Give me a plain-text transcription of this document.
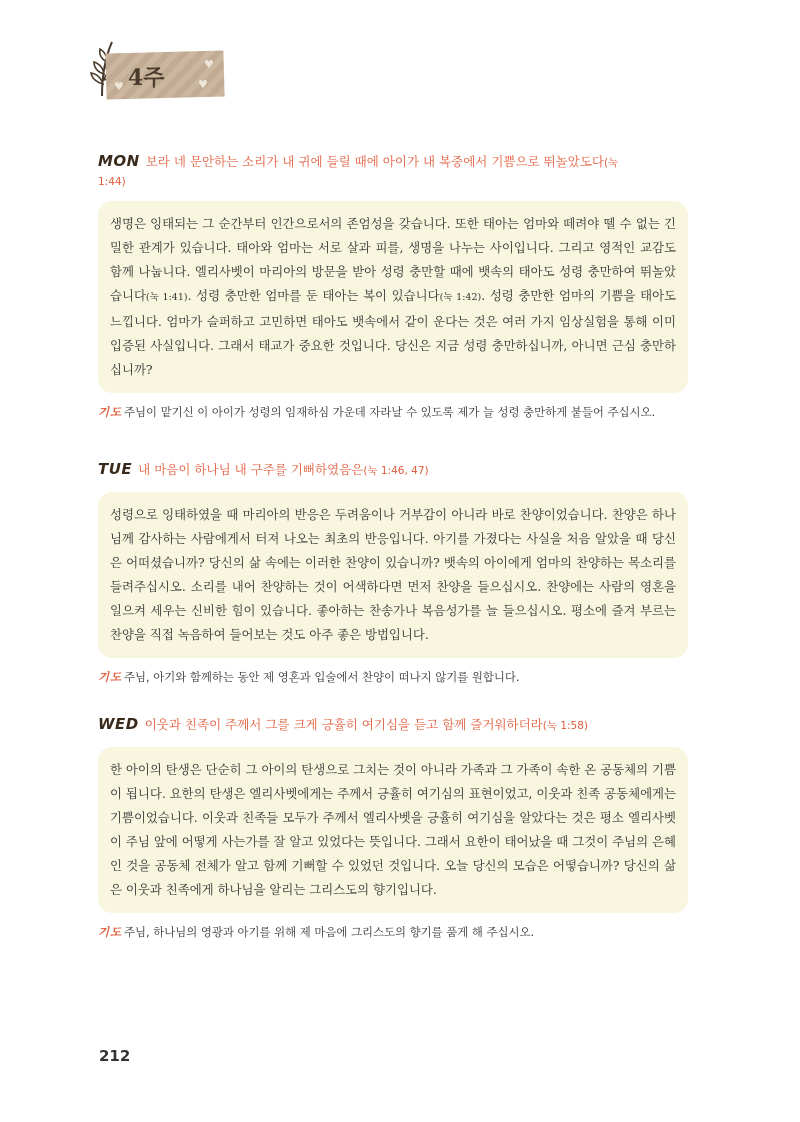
♥
♥
♥ 4주
MON 보라 네 문안하는 소리가 내 귀에 들릴 때에 아이가 내 복중에서 기쁨으로 뛰놀았도다(눅
1:44)
생명은 잉태되는 그 순간부터 인간으로서의 존엄성을 갖습니다. 또한 태아는 엄마와 떼려야 뗄 수 없는 긴밀한 관계가 있습니다. 태아와 엄마는 서로 살과 피를, 생명을 나누는 사이입니다. 그리고 영적인 교감도 함께 나눕니다. 엘리사벳이 마리아의 방문을 받아 성령 충만할 때에 뱃속의 태아도 성령 충만하여 뛰놀았습니다(눅 1:41). 성령 충만한 엄마를 둔 태아는 복이 있습니다(눅 1:42). 성령 충만한 엄마의 기쁨을 태아도 느낍니다. 엄마가 슬퍼하고 고민하면 태아도 뱃속에서 같이 운다는 것은 여러 가지 임상실험을 통해 이미 입증된 사실입니다. 그래서 태교가 중요한 것입니다. 당신은 지금 성령 충만하십니까, 아니면 근심 충만하십니까?
기도 주님이 맡기신 이 아이가 성령의 임재하심 가운데 자라날 수 있도록 제가 늘 성령 충만하게 붙들어 주십시오.
TUE 내 마음이 하나님 내 구주를 기뻐하였음은(눅 1:46, 47)
성령으로 잉태하였을 때 마리아의 반응은 두려움이나 거부감이 아니라 바로 찬양이었습니다. 찬양은 하나님께 감사하는 사람에게서 터져 나오는 최초의 반응입니다. 아기를 가졌다는 사실을 처음 알았을 때 당신은 어떠셨습니까? 당신의 삶 속에는 이러한 찬양이 있습니까? 뱃속의 아이에게 엄마의 찬양하는 목소리를 들려주십시오. 소리를 내어 찬양하는 것이 어색하다면 먼저 찬양을 들으십시오. 찬양에는 사람의 영혼을 일으켜 세우는 신비한 힘이 있습니다. 좋아하는 찬송가나 복음성가를 늘 들으십시오. 평소에 즐겨 부르는 찬양을 직접 녹음하여 들어보는 것도 아주 좋은 방법입니다.
기도 주님, 아기와 함께하는 동안 제 영혼과 입술에서 찬양이 떠나지 않기를 원합니다.
WED 이웃과 친족이 주께서 그를 크게 긍휼히 여기심을 듣고 함께 즐거워하더라(눅 1:58)
한 아이의 탄생은 단순히 그 아이의 탄생으로 그치는 것이 아니라 가족과 그 가족이 속한 온 공동체의 기쁨이 됩니다. 요한의 탄생은 엘리사벳에게는 주께서 긍휼히 여기심의 표현이었고, 이웃과 친족 공동체에게는 기쁨이었습니다. 이웃과 친족들 모두가 주께서 엘리사벳을 긍휼히 여기심을 알았다는 것은 평소 엘리사벳이 주님 앞에 어떻게 사는가를 잘 알고 있었다는 뜻입니다. 그래서 요한이 태어났을 때 그것이 주님의 은혜인 것을 공동체 전체가 알고 함께 기뻐할 수 있었던 것입니다. 오늘 당신의 모습은 어떻습니까? 당신의 삶은 이웃과 친족에게 하나님을 알리는 그리스도의 향기입니다.
기도 주님, 하나님의 영광과 아기를 위해 제 마음에 그리스도의 향기를 품게 해 주십시오.
212
